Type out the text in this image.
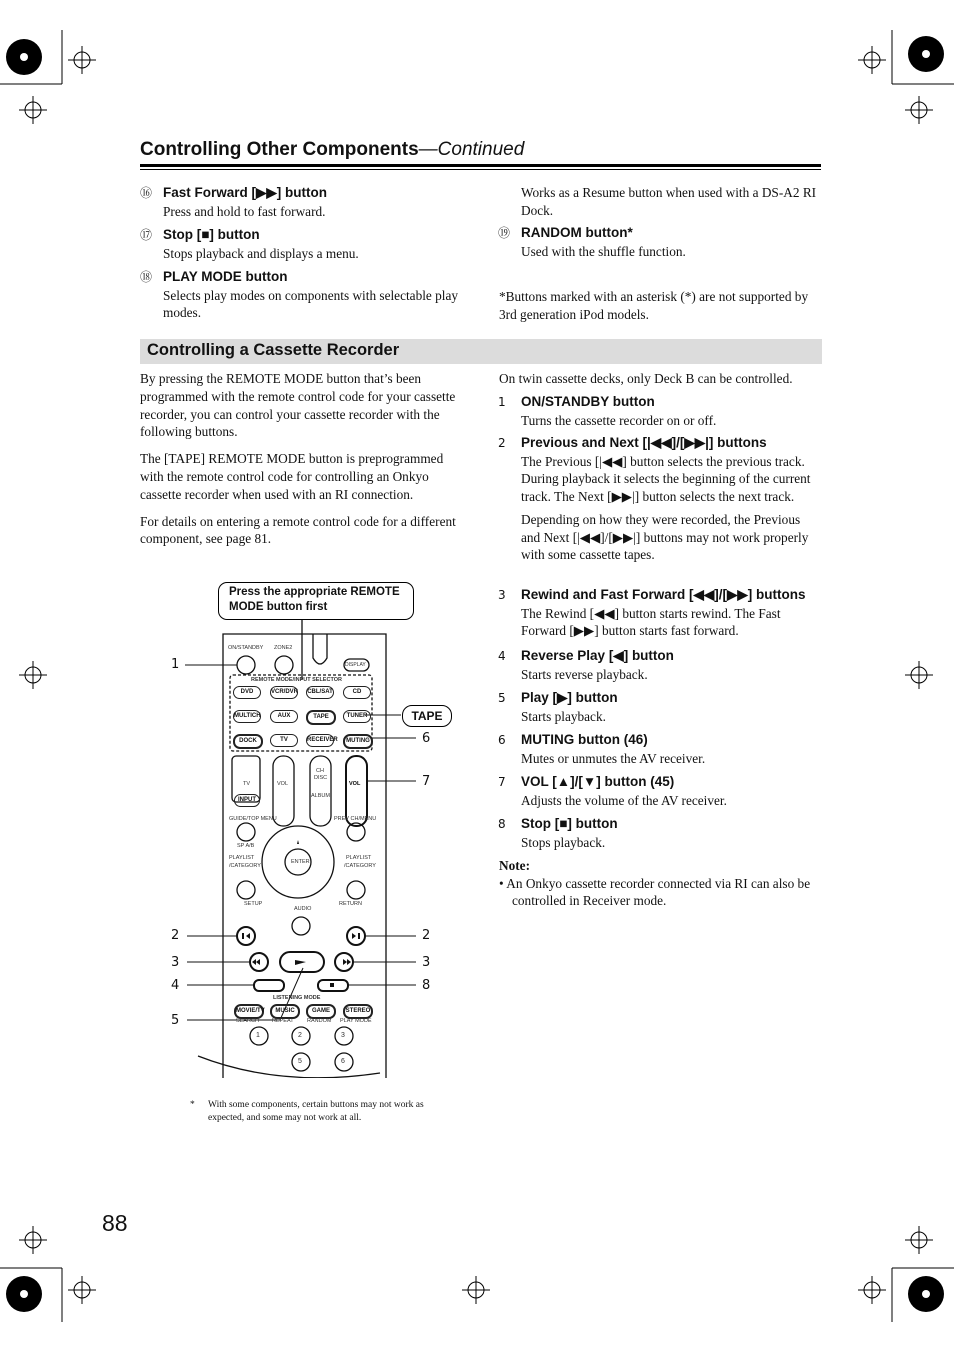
Controlling Other Components—Continued
⑯ Fast Forward [▶▶] button

Press and hold to fast forward.

⑰ Stop [■] button

Stops playback and displays a menu.

⑱ PLAY MODE button

Selects play modes on components with selectable play modes.

Works as a Resume button when used with a DS-A2 RI Dock.

⑲ RANDOM button*

Used with the shuffle function.

*Buttons marked with an asterisk (*) are not supported by 3rd generation iPod models.

Controlling a Cassette Recorder

By pressing the REMOTE MODE button that’s been programmed with the remote control code for your cassette recorder, you can control your cassette recorder with the following buttons.

The [TAPE] REMOTE MODE button is preprogrammed with the remote control code for controlling an Onkyo cassette recorder when used with an RI connection.

For details on entering a remote control code for a different component, see page 81.

On twin cassette decks, only Deck B can be controlled.

1 ON/STANDBY button

Turns the cassette recorder on or off.

2 Previous and Next [|◀◀]/[▶▶|] buttons

The Previous [|◀◀] button selects the previous track. During playback it selects the beginning of the current track. The Next [▶▶|] button selects the next track.

Depending on how they were recorded, the Previous and Next [|◀◀]/[▶▶|] buttons may not work properly with some cassette tapes.

3 Rewind and Fast Forward [◀◀]/[▶▶] buttons

The Rewind [◀◀] button starts rewind. The Fast Forward [▶▶] button starts fast forward.

4 Reverse Play [◀] button

Starts reverse playback.

5 Play [▶] button

Starts playback.

6 MUTING button (46)

Mutes or unmutes the AV receiver.

7 VOL [▲]/[▼] button (45)

Adjusts the volume of the AV receiver.

8 Stop [■] button

Stops playback.

Note:
• An Onkyo cassette recorder connected via RI can also be controlled in Receiver mode.
Press the appropriate REMOTE MODE button first
ON/STANDBY ZONE2
DISPLAY
REMOTE MODE/INPUT SELECTOR
DVD	VCR/DVR CBL/SAT	CD
MULTICH	AUX	TAPE	TUNER
DOCK	TV	RECEIVER	MUTING
TV
INPUT
VOL
CH
DISC
ALBUM
VOL
GUIDE/TOP MENU	PREV CH/MENU
SP A/B
PLAYLIST
/CATEGORY
PLAYLIST
/CATEGORY
ENTER
SETUP
AUDIO
RETURN
LISTENING MODE
MOVIE/TV	MUSIC	GAME	STEREO
SEARCH REPEAT RANDOM PLAY MODE
1	2	3
5	6
TAPE
1
2
3
4
5
2
3
8
6
7
* With some components, certain buttons may not work as expected, and some may not work at all.
88
